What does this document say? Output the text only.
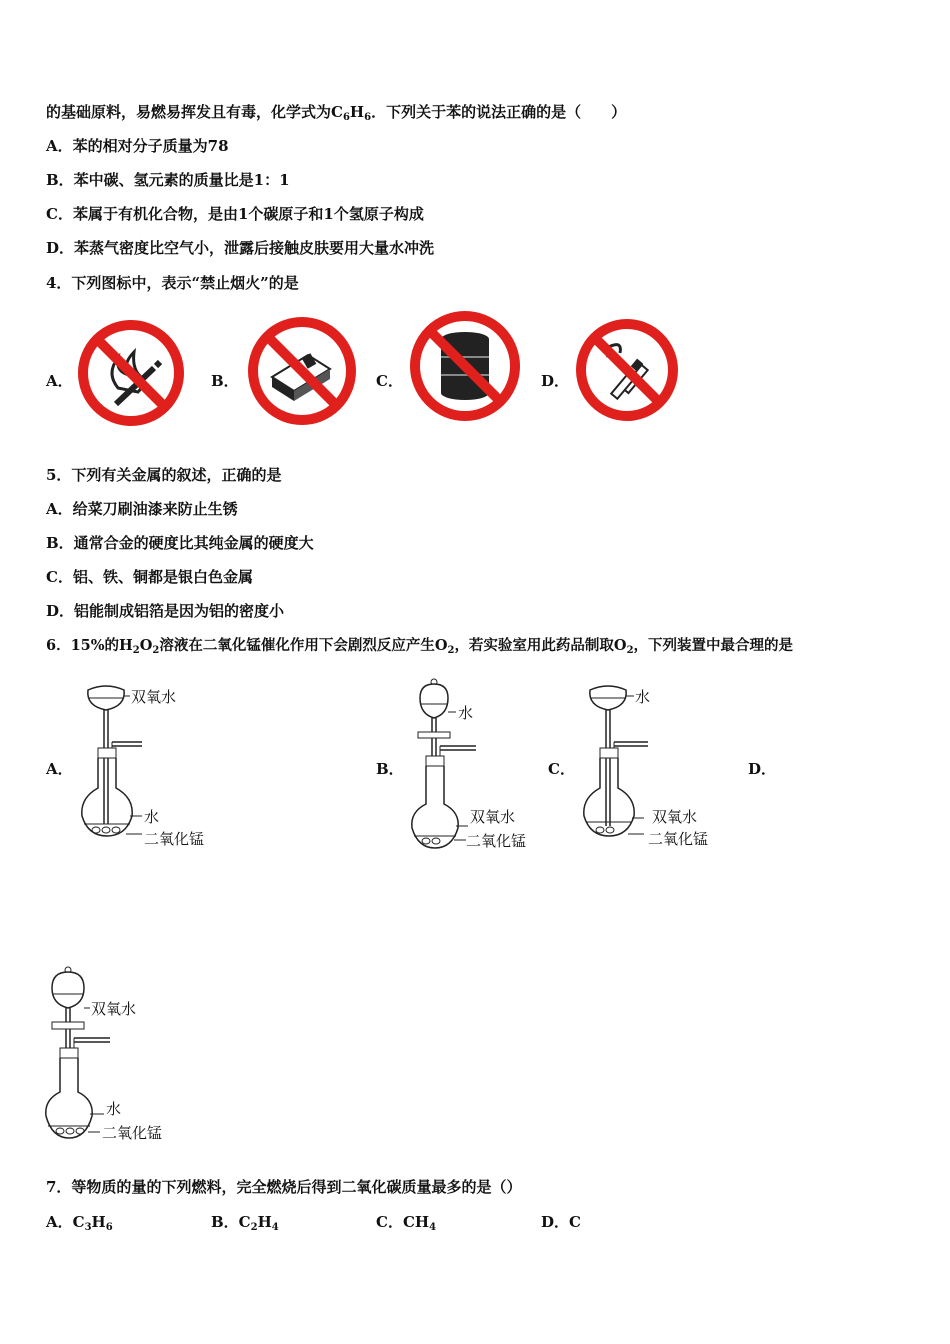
的基础原料，易燃易挥发且有毒，化学式为$C_6H_6$．下列关于苯的说法正确的是（　　）
A．苯的相对分子质量为78
B．苯中碳、氢元素的质量比是1：1
C．苯属于有机化合物，是由1个碳原子和1个氢原子构成
D．苯蒸气密度比空气小，泄露后接触皮肤要用大量水冲洗
4．下列图标中，表示“禁止烟火”的是
A．	B．	C．	D．
5．下列有关金属的叙述，正确的是
A．给菜刀刷油漆来防止生锈
B．通常合金的硬度比其纯金属的硬度大
C．铝、铁、铜都是银白色金属
D．铝能制成铝箔是因为铝的密度小
6．15%的$H_2O_2$溶液在二氧化锰催化作用下会剧烈反应产生$O_2$，若实验室用此药品制取$O_2$，下列装置中最合理的是
A．
双氧水
水
二氧化锰
B．
水
双氧水
二氧化锰
C．
水
双氧水
二氧化锰
D．
双氧水
水
二氧化锰
7．等物质的量的下列燃料，完全燃烧后得到二氧化碳质量最多的是（）
A．$C_3H_6$	B．$C_2H_4$	C．$CH_4$	D．C
